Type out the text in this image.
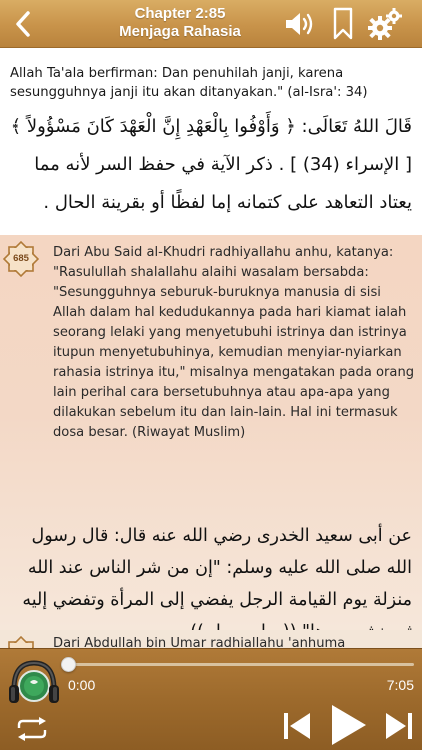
Chapter 2:85
Menjaga Rahasia

Allah Ta'ala berfirman: Dan penuhilah janji, karena sesungguhnya janji itu akan ditanyakan." (al-Isra': 34)

قَالَ اللهُ تَعَالَى: ﴿ وَأَوْفُوا بِالْعَهْدِ إِنَّ الْعَهْدَ كَانَ مَسْؤُولاً ﴾ [ الإسراء (34) ] . ذكر الآية في حفظ السر لأنه مما يعتاد التعاهد على كتمانه إما لفظًا أو بقرينة الحال .

685	Dari Abu Said al-Khudri radhiyallahu anhu, katanya: "Rasulullah shalallahu alaihi wasalam bersabda: "Sesungguhnya seburuk-buruknya manusia di sisi Allah dalam hal kedudukannya pada hari kiamat ialah seorang lelaki yang menyetubuhi istrinya dan istrinya itupun menyetubuhinya, kemudian menyiar-nyiarkan rahasia istrinya itu," misalnya mengatakan pada orang lain perihal cara bersetubuhnya atau apa-apa yang dilakukan sebelum itu dan lain-lain. Hal ini termasuk dosa besar. (Riwayat Muslim)

عن أبى سعيد الخدرى رضي الله عنه قال: قال رسول الله صلى الله عليه وسلم: "إن من شر الناس عند الله منزلة يوم القيامة الرجل يفضي إلى المرأة وتفضي إليه

Dari Abdullah bin Umar radhiallahu 'anhuma

0:00	7:05
